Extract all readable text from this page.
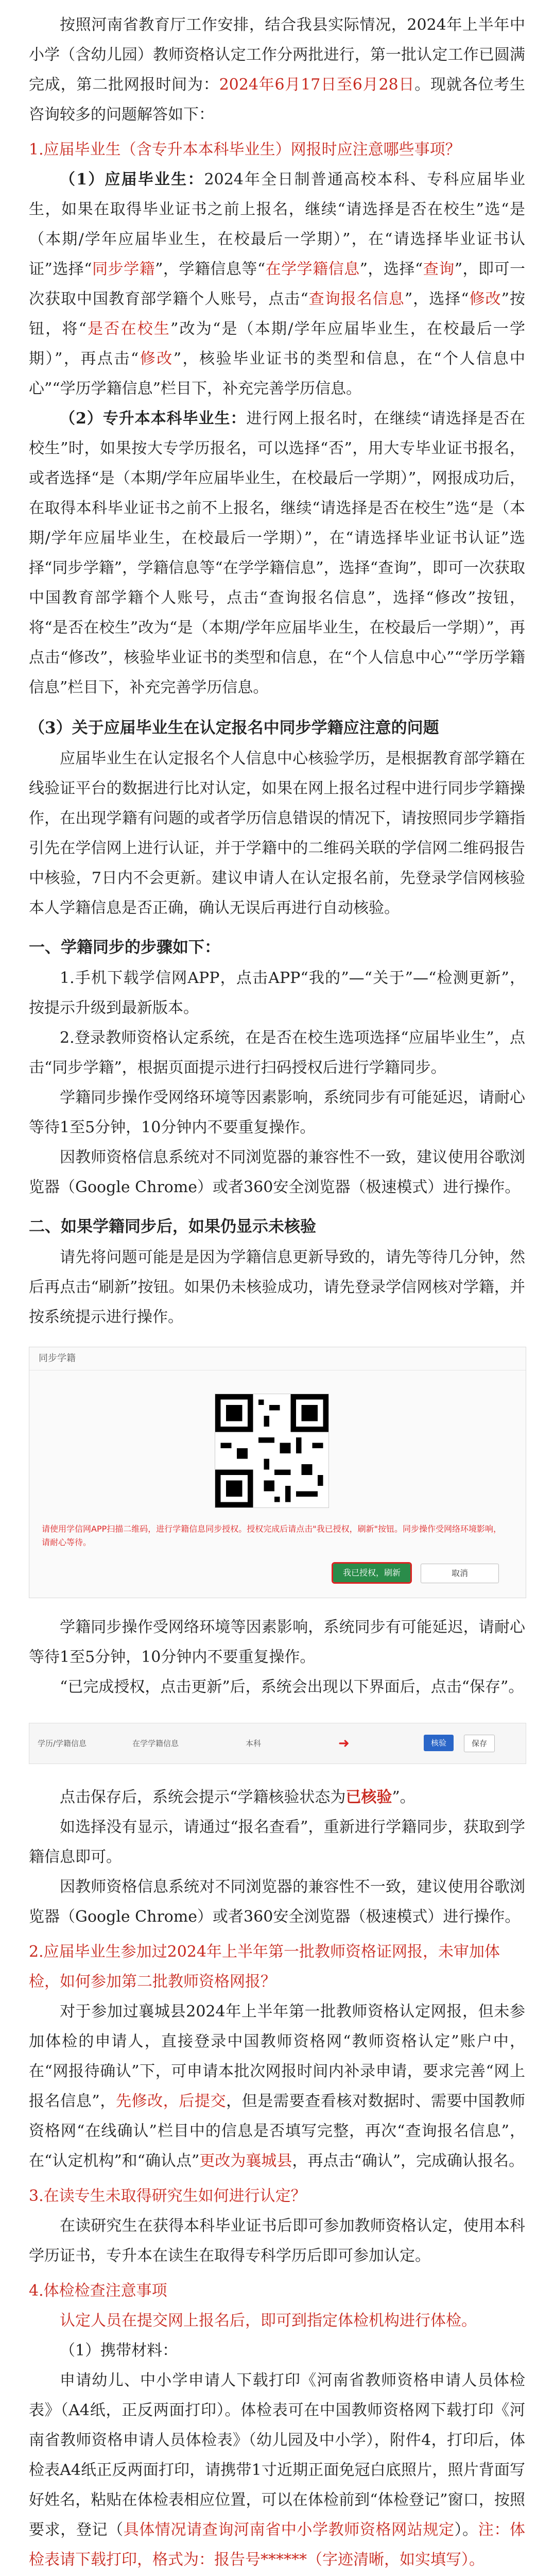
按照河南省教育厅工作安排，结合我县实际情况，2024年上半年中小学（含幼儿园）教师资格认定工作分两批进行，第一批认定工作已圆满完成，第二批网报时间为：2024年6月17日至6月28日。现就各位考生咨询较多的问题解答如下：

1.应届毕业生（含专升本本科毕业生）网报时应注意哪些事项？

（1）应届毕业生：2024年全日制普通高校本科、专科应届毕业生，如果在取得毕业证书之前上报名，继续“请选择是否在校生”选“是（本期/学年应届毕业生，在校最后一学期）”，在“请选择毕业证书认证”选择“同步学籍”，学籍信息等“在学学籍信息”，选择“查询”，即可一次获取中国教育部学籍个人账号，点击“查询报名信息”，选择“修改”按钮，将“是否在校生”改为“是（本期/学年应届毕业生，在校最后一学期）”，再点击“修改”，核验毕业证书的类型和信息，在“个人信息中心”“学历学籍信息”栏目下，补充完善学历信息。

（2）专升本本科毕业生：进行网上报名时，在继续“请选择是否在校生”时，如果按大专学历报名，可以选择“否”，用大专毕业证书报名，或者选择“是（本期/学年应届毕业生，在校最后一学期）”，网报成功后，在取得本科毕业证书之前不上报名，继续“请选择是否在校生”选“是（本期/学年应届毕业生，在校最后一学期）”，在“请选择毕业证书认证”选择“同步学籍”，学籍信息等“在学学籍信息”，选择“查询”，即可一次获取中国教育部学籍个人账号，点击“查询报名信息”，选择“修改”按钮，将“是否在校生”改为“是（本期/学年应届毕业生，在校最后一学期）”，再点击“修改”，核验毕业证书的类型和信息，在“个人信息中心”“学历学籍信息”栏目下，补充完善学历信息。

（3）关于应届毕业生在认定报名中同步学籍应注意的问题

应届毕业生在认定报名个人信息中心核验学历，是根据教育部学籍在线验证平台的数据进行比对认定，如果在网上报名过程中进行同步学籍操作，在出现学籍有问题的或者学历信息错误的情况下，请按照同步学籍指引先在学信网上进行认证，并于学籍中的二维码关联的学信网二维码报告中核验，7日内不会更新。建议申请人在认定报名前，先登录学信网核验本人学籍信息是否正确，确认无误后再进行自动核验。

一、学籍同步的步骤如下：

1.手机下载学信网APP，点击APP“我的”—“关于”—“检测更新”，按提示升级到最新版本。

2.登录教师资格认定系统，在是否在校生选项选择“应届毕业生”，点击“同步学籍”，根据页面提示进行扫码授权后进行学籍同步。

学籍同步操作受网络环境等因素影响，系统同步有可能延迟，请耐心等待1至5分钟，10分钟内不要重复操作。

因教师资格信息系统对不同浏览器的兼容性不一致，建议使用谷歌浏览器（Google Chrome）或者360安全浏览器（极速模式）进行操作。

二、如果学籍同步后，如果仍显示未核验

请先将问题可能是是因为学籍信息更新导致的，请先等待几分钟，然后再点击“刷新”按钮。如果仍未核验成功，请先登录学信网核对学籍，并按系统提示进行操作。

同步学籍
请使用学信网APP扫描二维码，进行学籍信息同步授权。授权完成后请点击"我已授权，刷新"按钮。同步操作受网络环境影响，请耐心等待。
我已授权，刷新	取消

学籍同步操作受网络环境等因素影响，系统同步有可能延迟，请耐心等待1至5分钟，10分钟内不要重复操作。

“已完成授权，点击更新”后，系统会出现以下界面后，点击“保存”。

学历/学籍信息	在学学籍信息	本科	➜	核验	保存

点击保存后，系统会提示“学籍核验状态为已核验”。

如选择没有显示，请通过“报名查看”，重新进行学籍同步，获取到学籍信息即可。

因教师资格信息系统对不同浏览器的兼容性不一致，建议使用谷歌浏览器（Google Chrome）或者360安全浏览器（极速模式）进行操作。

2.应届毕业生参加过2024年上半年第一批教师资格证网报，未审加体检，如何参加第二批教师资格网报？

对于参加过襄城县2024年上半年第一批教师资格认定网报，但未参加体检的申请人，直接登录中国教师资格网“教师资格认定”账户中，在“网报待确认”下，可申请本批次网报时间内补录申请，要求完善“网上报名信息”，先修改，后提交，但是需要查看核对数据时、需要中国教师资格网“在线确认”栏目中的信息是否填写完整，再次“查询报名信息”，在“认定机构”和“确认点”更改为襄城县，再点击“确认”，完成确认报名。

3.在读专生未取得研究生如何进行认定？

在读研究生在获得本科毕业证书后即可参加教师资格认定，使用本科学历证书，专升本在读生在取得专科学历后即可参加认定。

4.体检检查注意事项

认定人员在提交网上报名后，即可到指定体检机构进行体检。

（1）携带材料：

申请幼儿、中小学申请人下载打印《河南省教师资格申请人员体检表》（A4纸，正反两面打印）。体检表可在中国教师资格网下载打印《河南省教师资格申请人员体检表》（幼儿园及中小学），附件4，打印后，体检表A4纸正反两面打印，请携带1寸近期正面免冠白底照片，照片背面写好姓名，粘贴在体检表相应位置，可以在体检前到“体检登记”窗口，按照要求，登记（具体情况请查询河南省中小学教师资格网站规定）。注：体检表请下载打印，格式为：报告号******（字迹清晰，如实填写）。
